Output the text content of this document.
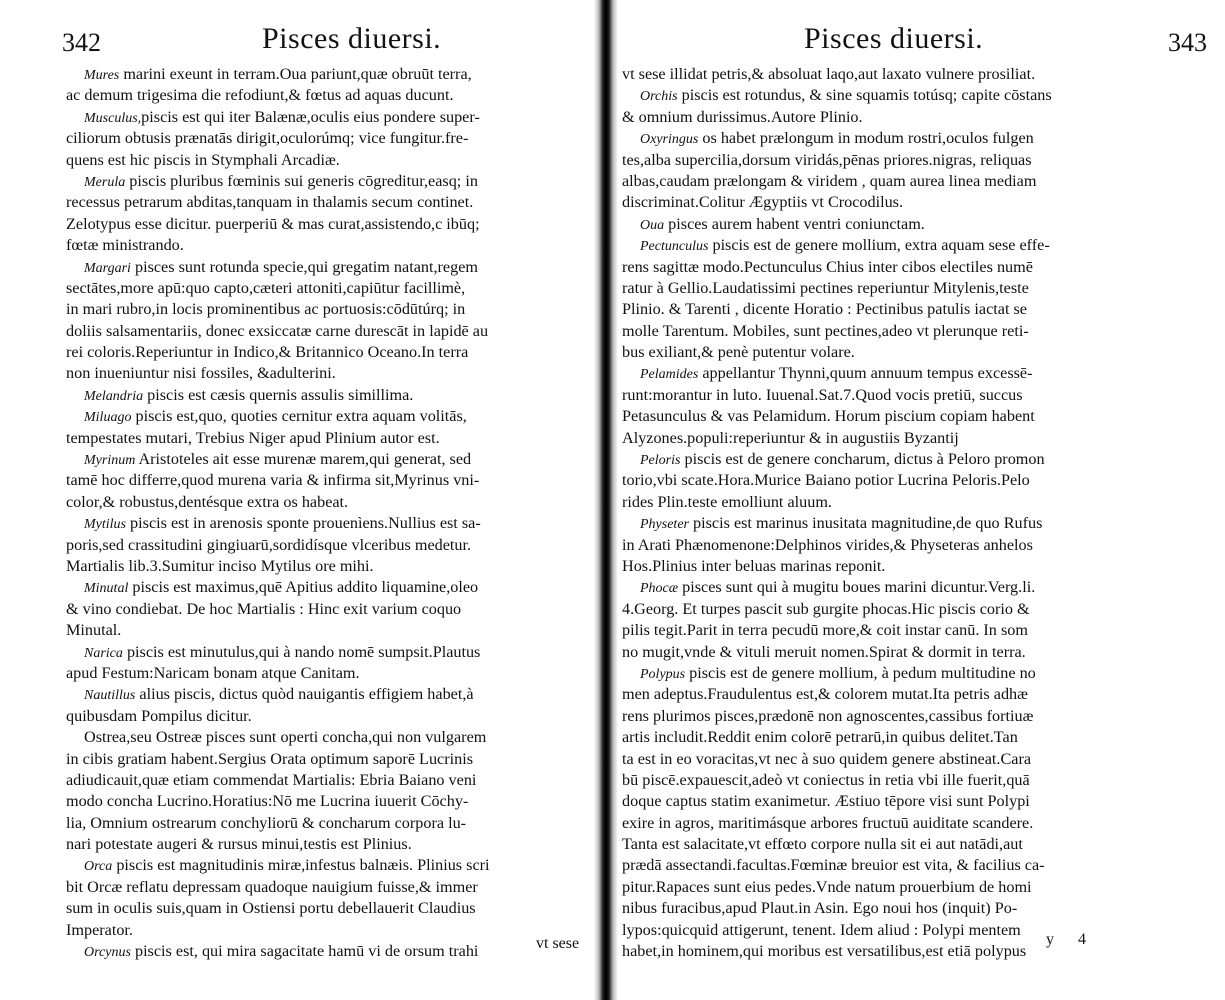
342	Pisces diuersi.
Mures marini exeunt in terram.Oua pariunt,quæ obruūt terra,
ac demum trigesima die refodiunt,& fœtus ad aquas ducunt.
Musculus,piscis est qui iter Balænæ,oculis eius pondere super-
ciliorum obtusis prænatās dirigit,oculorúmq; vice fungitur.fre-
quens est hic piscis in Stymphali Arcadiæ.
Merula piscis pluribus fœminis sui generis cōgreditur,easq; in
recessus petrarum abditas,tanquam in thalamis secum continet.
Zelotypus esse dicitur. puerperiū & mas curat,assistendo,c ibūq;
fœtæ ministrando.
Margari pisces sunt rotunda specie,qui gregatim natant,regem
sectātes,more apū:quo capto,cæteri attoniti,capiūtur facillimè,
in mari rubro,in locis prominentibus ac portuosis:cōdūtúrq; in
doliis salsamentariis, donec exsiccatæ carne durescāt in lapidē au
rei coloris.Reperiuntur in Indico,& Britannico Oceano.In terra
non inueniuntur nisi fossiles, &adulterini.
Melandria piscis est cæsis quernis assulis simillima.
Miluago piscis est,quo, quoties cernitur extra aquam volitās,
tempestates mutari, Trebius Niger apud Plinium autor est.
Myrinum Aristoteles ait esse murenæ marem,qui generat, sed
tamē hoc differre,quod murena varia & infirma sit,Myrinus vni-
color,& robustus,dentésque extra os habeat.
Mytilus piscis est in arenosis sponte prouenìens.Nullius est sa-
poris,sed crassitudini gingiuarū,sordidísque vlceribus medetur.
Martialis lib.3.Sumitur inciso Mytilus ore mihi.
Minutal piscis est maximus,quē Apitius addito liquamine,oleo
& vino condiebat. De hoc Martialis : Hinc exit varium coquo
Minutal.
Narica piscis est minutulus,qui à nando nomē sumpsit.Plautus
apud Festum:Naricam bonam atque Canitam.
Nautillus alius piscis, dictus quòd nauigantis effigiem habet,à
quibusdam Pompilus dicitur.
Ostrea,seu Ostreæ pisces sunt operti concha,qui non vulgarem
in cibis gratiam habent.Sergius Orata optimum saporē Lucrinis
adiudicauit,quæ etiam commendat Martialis: Ebria Baiano veni
modo concha Lucrino.Horatius:Nō me Lucrina iuuerit Cōchy-
lia, Omnium ostrearum conchyliorū & concharum corpora lu-
nari potestate augeri & rursus minui,testis est Plinius.
Orca piscis est magnitudinis miræ,infestus balnæis. Plinius scri
bit Orcæ reflatu depressam quadoque nauigium fuisse,& immer
sum in oculis suis,quam in Ostiensi portu debellauerit Claudius
Imperator.
Orcynus piscis est, qui mira sagacitate hamū vi de orsum trahi	vt sese
343
Pisces diuersi.
vt sese illidat petris,& absoluat laqo,aut laxato vulnere prosiliat.
Orchis piscis est rotundus, & sine squamis totúsq; capite cōstans
& omnium durissimus.Autore Plinio.
Oxyringus os habet prælongum in modum rostri,oculos fulgen
tes,alba supercilia,dorsum viridás,pēnas priores.nigras, reliquas
albas,caudam prælongam & viridem , quam aurea linea mediam
discriminat.Colitur Ægyptiis vt Crocodilus.
Oua pisces aurem habent ventri coniunctam.
Pectunculus piscis est de genere mollium, extra aquam sese effe-
rens sagittæ modo.Pectunculus Chius inter cibos electiles numē
ratur à Gellio.Laudatissimi pectines reperiuntur Mitylenis,teste
Plinio. & Tarenti , dicente Horatio : Pectinibus patulis iactat se
molle Tarentum. Mobiles, sunt pectines,adeo vt plerunque reti-
bus exiliant,& penè putentur volare.
Pelamides appellantur Thynni,quum annuum tempus excessē-
runt:morantur in luto. Iuuenal.Sat.7.Quod vocis pretiū, succus
Petasunculus & vas Pelamidum. Horum piscium copiam habent
Alyzones.populi:reperiuntur & in augustiis Byzantij
Peloris piscis est de genere concharum, dictus à Peloro promon
torio,vbi scate.Hora.Murice Baiano potior Lucrina Peloris.Pelo
rides Plin.teste emolliunt aluum.
Physeter piscis est marinus inusitata magnitudine,de quo Rufus
in Arati Phænomenone:Delphinos virides,& Physeteras anhelos
Hos.Plinius inter beluas marinas reponit.
Phocæ pisces sunt qui à mugitu boues marini dicuntur.Verg.li.
4.Georg. Et turpes pascit sub gurgite phocas.Hic piscis corio &
pilis tegit.Parit in terra pecudū more,& coit instar canū. In som
no mugit,vnde & vituli meruit nomen.Spirat & dormit in terra.
Polypus piscis est de genere mollium, à pedum multitudine no
men adeptus.Fraudulentus est,& colorem mutat.Ita petris adhæ
rens plurimos pisces,prædonē non agnoscentes,cassibus fortiuæ
artis includit.Reddit enim colorē petrarū,in quibus delitet.Tan
ta est in eo voracitas,vt nec à suo quidem genere abstineat.Cara
bū piscē.expauescit,adeò vt coniectus in retia vbi ille fuerit,quā
doque captus statim exanimetur. Æstiuo tēpore visi sunt Polypi
exire in agros, maritimásque arbores fructuū auiditate scandere.
Tanta est salacitate,vt effœto corpore nulla sit ei aut natādi,aut
prædā assectandi.facultas.Fœminæ breuior est vita, & facilius ca-
pitur.Rapaces sunt eius pedes.Vnde natum prouerbium de homi
nibus furacibus,apud Plaut.in Asin. Ego noui hos (inquit) Po-
lypos:quicquid attigerunt, tenent. Idem aliud : Polypi mentem
habet,in hominem,qui moribus est versatilibus,est etiā polypus
y 4
